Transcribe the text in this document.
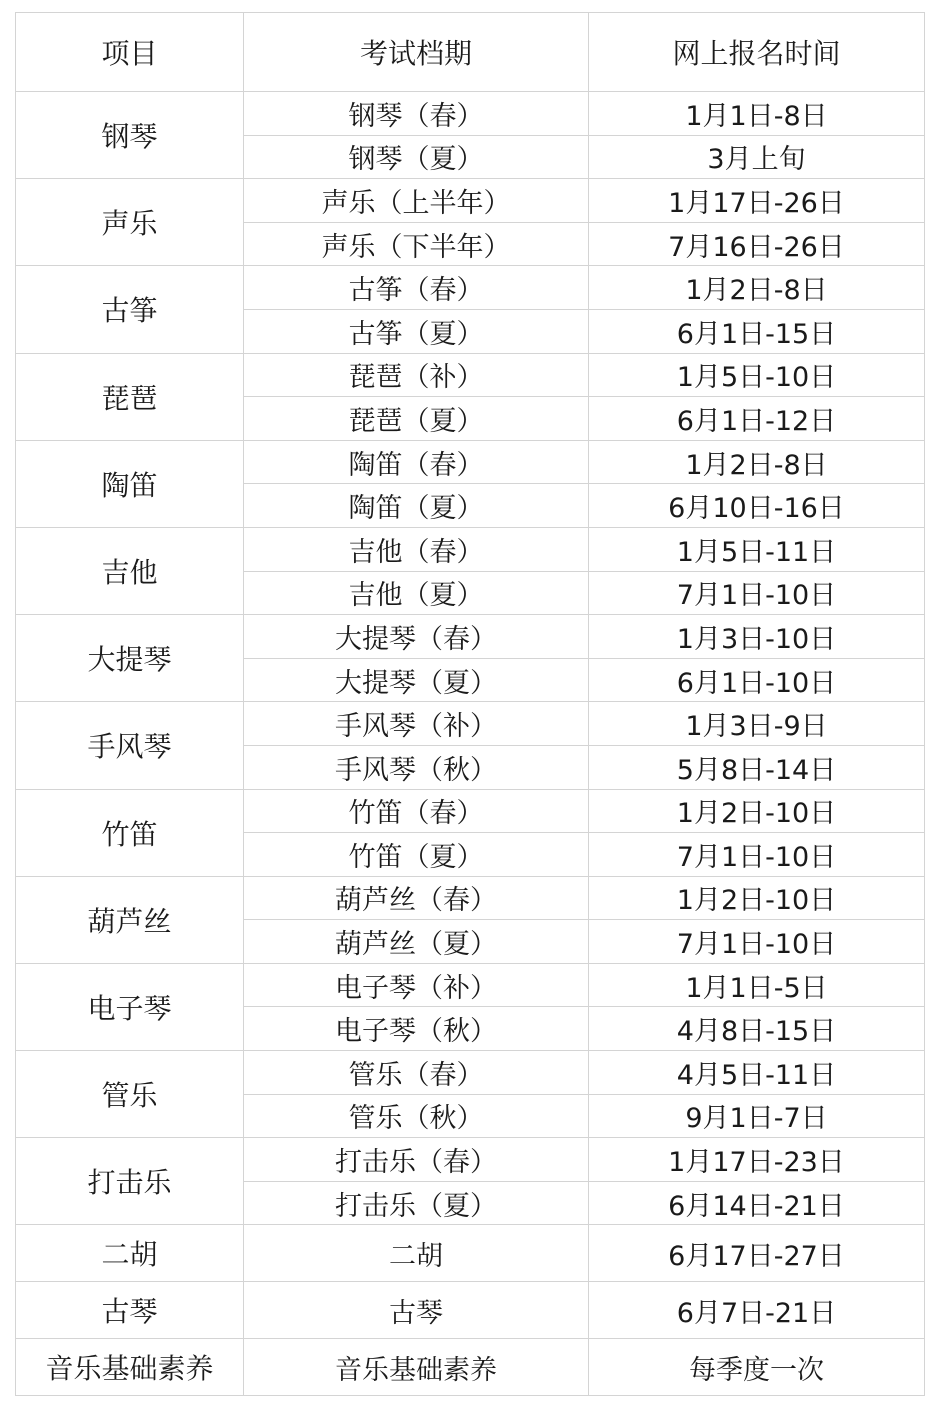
项目	考试档期	网上报名时间
钢琴	钢琴（春）	1月1日-8日
	钢琴（夏）	3月上旬
声乐	声乐（上半年）	1月17日-26日
	声乐（下半年）	7月16日-26日
古筝	古筝（春）	1月2日-8日
	古筝（夏）	6月1日-15日
琵琶	琵琶（补）	1月5日-10日
	琵琶（夏）	6月1日-12日
陶笛	陶笛（春）	1月2日-8日
	陶笛（夏）	6月10日-16日
吉他	吉他（春）	1月5日-11日
	吉他（夏）	7月1日-10日
大提琴	大提琴（春）	1月3日-10日
	大提琴（夏）	6月1日-10日
手风琴	手风琴（补）	1月3日-9日
	手风琴（秋）	5月8日-14日
竹笛	竹笛（春）	1月2日-10日
	竹笛（夏）	7月1日-10日
葫芦丝	葫芦丝（春）	1月2日-10日
	葫芦丝（夏）	7月1日-10日
电子琴	电子琴（补）	1月1日-5日
	电子琴（秋）	4月8日-15日
管乐	管乐（春）	4月5日-11日
	管乐（秋）	9月1日-7日
打击乐	打击乐（春）	1月17日-23日
	打击乐（夏）	6月14日-21日
二胡	二胡	6月17日-27日
古琴	古琴	6月7日-21日
音乐基础素养	音乐基础素养	每季度一次
